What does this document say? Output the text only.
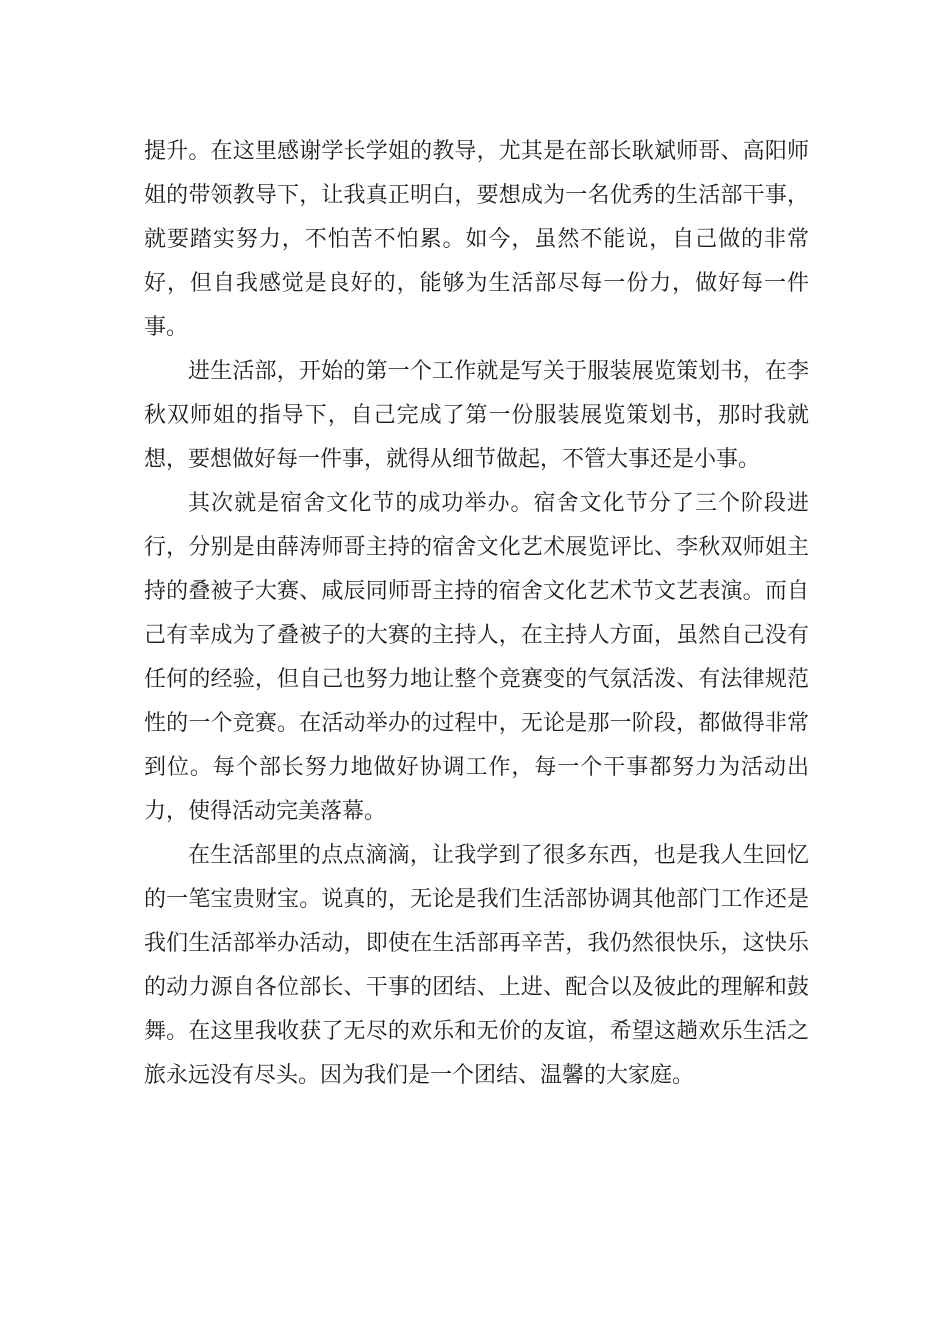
提升。在这里感谢学长学姐的教导，尤其是在部长耿斌师哥、高阳师姐的带领教导下，让我真正明白，要想成为一名优秀的生活部干事，就要踏实努力，不怕苦不怕累。如今，虽然不能说，自己做的非常好，但自我感觉是良好的，能够为生活部尽每一份力，做好每一件事。

进生活部，开始的第一个工作就是写关于服装展览策划书，在李秋双师姐的指导下，自己完成了第一份服装展览策划书，那时我就想，要想做好每一件事，就得从细节做起，不管大事还是小事。

其次就是宿舍文化节的成功举办。宿舍文化节分了三个阶段进行，分别是由薛涛师哥主持的宿舍文化艺术展览评比、李秋双师姐主持的叠被子大赛、咸辰同师哥主持的宿舍文化艺术节文艺表演。而自己有幸成为了叠被子的大赛的主持人，在主持人方面，虽然自己没有任何的经验，但自己也努力地让整个竞赛变的气氛活泼、有法律规范性的一个竞赛。在活动举办的过程中，无论是那一阶段，都做得非常到位。每个部长努力地做好协调工作，每一个干事都努力为活动出力，使得活动完美落幕。

在生活部里的点点滴滴，让我学到了很多东西，也是我人生回忆的一笔宝贵财宝。说真的，无论是我们生活部协调其他部门工作还是我们生活部举办活动，即使在生活部再辛苦，我仍然很快乐，这快乐的动力源自各位部长、干事的团结、上进、配合以及彼此的理解和鼓舞。在这里我收获了无尽的欢乐和无价的友谊，希望这趟欢乐生活之旅永远没有尽头。因为我们是一个团结、温馨的大家庭。
